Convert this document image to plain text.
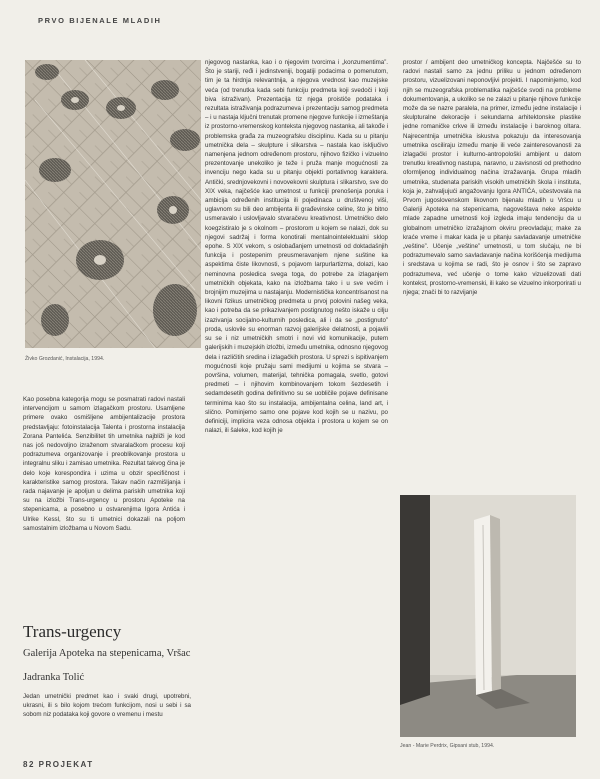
PRVO BIJENALE MLADIH
Živko Grozdanić, Instalacija, 1994.

Kao posebna kategorija mogu se posmatrati radovi nastali intervencijom u samom izlagačkom prostoru. Usamljene primere ovako osmišljene ambijentalizacije prostora predstavljaju: fotoinstalacija Talenta i prostorna instalacija Zorana Pantelića. Senzibilitet tih umetnika najbliži je kod nas još nedovoljno izraženom stvaralačkom procesu koji podrazumeva organizovanje i preoblikovanje prostora u integralnu sliku i zamisao umetnika. Rezultat takvog čina je delo koje korespondira i uzima u obzir specifičnost i karakteristike samog prostora. Takav način razmišljanja i rada najavanje je apoljun u delima pariskih umetnika koji su na izložbi Trans-urgency u prostoru Apoteke na stepenicama, a posebno u ostvarenjima Igora Antića i Ulrike Kessl, što su ti umetnici dokazali na poljom samostalnim izložbama u Novom Sadu.

Trans-urgency
Galerija Apoteka na stepenicama, Vršac
Jadranka Tolić

Jedan umetnički predmet kao i svaki drugi, upotrebni, ukrasni, ili s bilo kojom trećom funkcijom, nosi u sebi i sa sobom niz podataka koji govore o vremenu i mestu

njegovog nastanka, kao i o njegovim tvorcima i „konzumentima”. Što je stariji, ređi i jedinstveniji, bogatiji podacima o pomenutom, tim je ta hirdnja relevantnija, a njegova vrednost kao muzejske veća (od trenutka kada sebi funkciju predmeta koji svedoči i koji biva istraživan). Prezentacija tiz njega proističe podataka i rezultata istraživanja podrazumeva i prezentaciju samog predmeta – i u nastaja ključni trenutak promene njegove funkcije i izmeštanja iz prostorno-vremenskog konteksta njegovog nastanka, ali takođe i problemska građa za muzeografsku disciplinu. Kada su u pitanju umetnička dela – skulpture i slikarstva – nastala kao isključivo namenjena jednom određenom prostoru, njihovo fizičko i vizuelno prezentovanje unekoliko je teže i pruža manje mogućnosti za invenciju nego kada su u pitanju objekti portativnog karaktera. Antički, srednjovekovni i novovekovni skulptura i slikarstvo, sve do XIX veka, najčešće kao umetnost u funkciji prenošenja poruka i ambicija određenih institucija ili pojedinaca u društvenoj viši, uglavnom su bili deo ambijenta ili građevinske celine, što je bitno usmeravalo i uslovljavalo stvaračevu kreativnost. Umetničko delo koegzistiralo je s okolnom – prostorom u kojem se nalazi, dok su njegovi sadržaj i forma konotirali mentalnointelektualni sklop epohe. S XIX vekom, s oslobađanjem umetnosti od doktadašnjih funkcija i postepenim preusmeravanjem njene suštine ka aspektima čiste likovnosti, s pojavom larpurlartizma, dolazi, kao neminovna posledica svega toga, do potrebe za izlaganjem umetničkih objekata, kako na izložbama tako i u sve većim i brojnijim muzejima u nastajanju. Modernistička koncentrisanost na likovni fizikus umetničkog predmeta u prvoj polovini našeg veka, kao i potreba da se prikazivanjem postignutog nešto iskaže u cilju izazivanja socijalno-kulturnih posledica, ali i da se „postignuto” proda, uslovile su enorman razvoj galerijske delatnosti, a pojavili su se i niz umetničkih smotri i novi vid komunikacije, putem galerijskih i muzejskih izložbi, između umetnika, odnosno njegovog dela i različitih sredina i izlagačkih prostora. U sprezi s ispitivanjem mogućnosti koje pružaju sami medijumi u kojima se stvara – površina, volumen, materijal, tehnička pomagala, svetlo, gotovi predmeti – i njihovim kombinovanjem tokom šezdesetih i sedamdesetih godina definitivno su se uobličile pojave definisane terminima kao što su instalacija, ambijentalna celina, land art, i slično. Pominjemo samo one pojave kod kojih se u nazivu, po definiciji, implicira veza odnosa objekta i prostora u kojem se on nalazi, ili šaleke, kod kojih je

prostor / ambijent deo umetničkog koncepta. Najčešće su to radovi nastali samo za jednu priliku u jednom određenom prostoru, vizuelizovani neponovljivi projekti. I napominjemo, kod njih se muzeografska problematika najčešće svodi na probleme dokumentovanja, a ukoliko se ne zalazi u pitanje njihove funkcije može da se nazre paralela, na primer, između jedne instalacije i skulpturalne dekoracije i sekundarna arhitektonske plastike jedne romaničke crkve ili između instalacije i baroknog oltara. Najrecentnija umetnička iskustva pokazuju da interesovanja umetnika osciliraju između manje ili veće zainteresovanosti za izlagački prostor i kulturno-antropološki ambijent u datom trenutku kreativnog nastupa, naravno, u zavisnosti od prethodno oformljenog individualnog načina izražavanja. Grupa mladih umetnika, studenata pariskih visokih umetničkih škola i instituta, koja je, zahvaljujući angažovanju Igora ANTIĆA, učestvovala na Prvom jugoslovenskom likovnom bijenalu mladih u Vršcu u Galeriji Apoteka na stepenicama, nagoveštava neke aspekte mlade zapadne umetnosti koji izgleda imaju tendenciju da u globalnom umetničko izražajnom okviru preovladaju; make za kraće vreme i makar kada je u pitanju savladavanje umetničke „veštine”. Učenje „veštine” umetnosti, u tom slučaju, ne bi podrazumevalo samo savladavanje načina korišćenja medijuma i sredstava u kojima se radi, što je osnov i što se zapravo podrazumeva, već učenje o tome kako vizuelizovati dati kontekst, prostorno-vremenski, ili kako se vizuelno inkorporirati u njega; znači bi to razvijanje

Jean - Marie Perdrix, Gipsani stub, 1994.
82 PROJEKAT
